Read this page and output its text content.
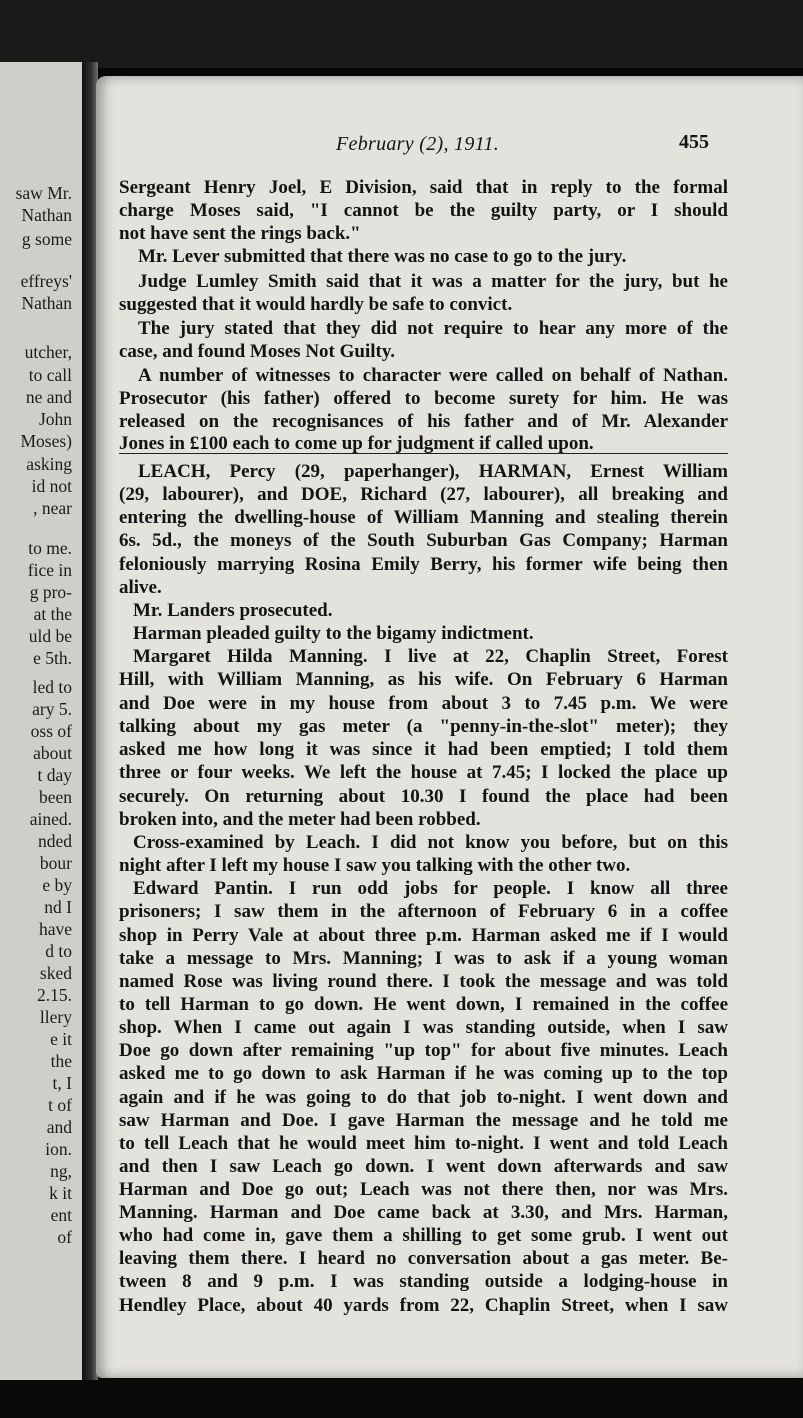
saw Mr.
Nathan
g some
effreys'
Nathan
utcher,
to call
ne and
John
Moses)
asking
id not
, near
to me.
fice in
g pro-
at the
uld be
e 5th.
led to
ary 5.
oss of
about
t day
been
ained.
nded
bour
e by
nd I
have
d to
sked
2.15.
llery
e it
the
t, I
t of
and
ion.
ng,
k it
ent
of
February (2), 1911.	455
Sergeant Henry Joel, E Division, said that in reply to the formal
charge Moses said, "I cannot be the guilty party, or I should
not have sent the rings back."
Mr. Lever submitted that there was no case to go to the jury.
Judge Lumley Smith said that it was a matter for the jury, but he
suggested that it would hardly be safe to convict.
The jury stated that they did not require to hear any more of the
case, and found Moses Not Guilty.
A number of witnesses to character were called on behalf of Nathan.
Prosecutor (his father) offered to become surety for him. He was
released on the recognisances of his father and of Mr. Alexander
Jones in £100 each to come up for judgment if called upon.
LEACH, Percy (29, paperhanger), HARMAN, Ernest William
(29, labourer), and DOE, Richard (27, labourer), all breaking and
entering the dwelling-house of William Manning and stealing therein
6s. 5d., the moneys of the South Suburban Gas Company; Harman
feloniously marrying Rosina Emily Berry, his former wife being then
alive.
Mr. Landers prosecuted.
Harman pleaded guilty to the bigamy indictment.
Margaret Hilda Manning. I live at 22, Chaplin Street, Forest
Hill, with William Manning, as his wife. On February 6 Harman
and Doe were in my house from about 3 to 7.45 p.m. We were
talking about my gas meter (a "penny-in-the-slot" meter); they
asked me how long it was since it had been emptied; I told them
three or four weeks. We left the house at 7.45; I locked the place up
securely. On returning about 10.30 I found the place had been
broken into, and the meter had been robbed.
Cross-examined by Leach. I did not know you before, but on this
night after I left my house I saw you talking with the other two.
Edward Pantin. I run odd jobs for people. I know all three
prisoners; I saw them in the afternoon of February 6 in a coffee
shop in Perry Vale at about three p.m. Harman asked me if I would
take a message to Mrs. Manning; I was to ask if a young woman
named Rose was living round there. I took the message and was told
to tell Harman to go down. He went down, I remained in the coffee
shop. When I came out again I was standing outside, when I saw
Doe go down after remaining "up top" for about five minutes. Leach
asked me to go down to ask Harman if he was coming up to the top
again and if he was going to do that job to-night. I went down and
saw Harman and Doe. I gave Harman the message and he told me
to tell Leach that he would meet him to-night. I went and told Leach
and then I saw Leach go down. I went down afterwards and saw
Harman and Doe go out; Leach was not there then, nor was Mrs.
Manning. Harman and Doe came back at 3.30, and Mrs. Harman,
who had come in, gave them a shilling to get some grub. I went out
leaving them there. I heard no conversation about a gas meter. Be-
tween 8 and 9 p.m. I was standing outside a lodging-house in
Hendley Place, about 40 yards from 22, Chaplin Street, when I saw
